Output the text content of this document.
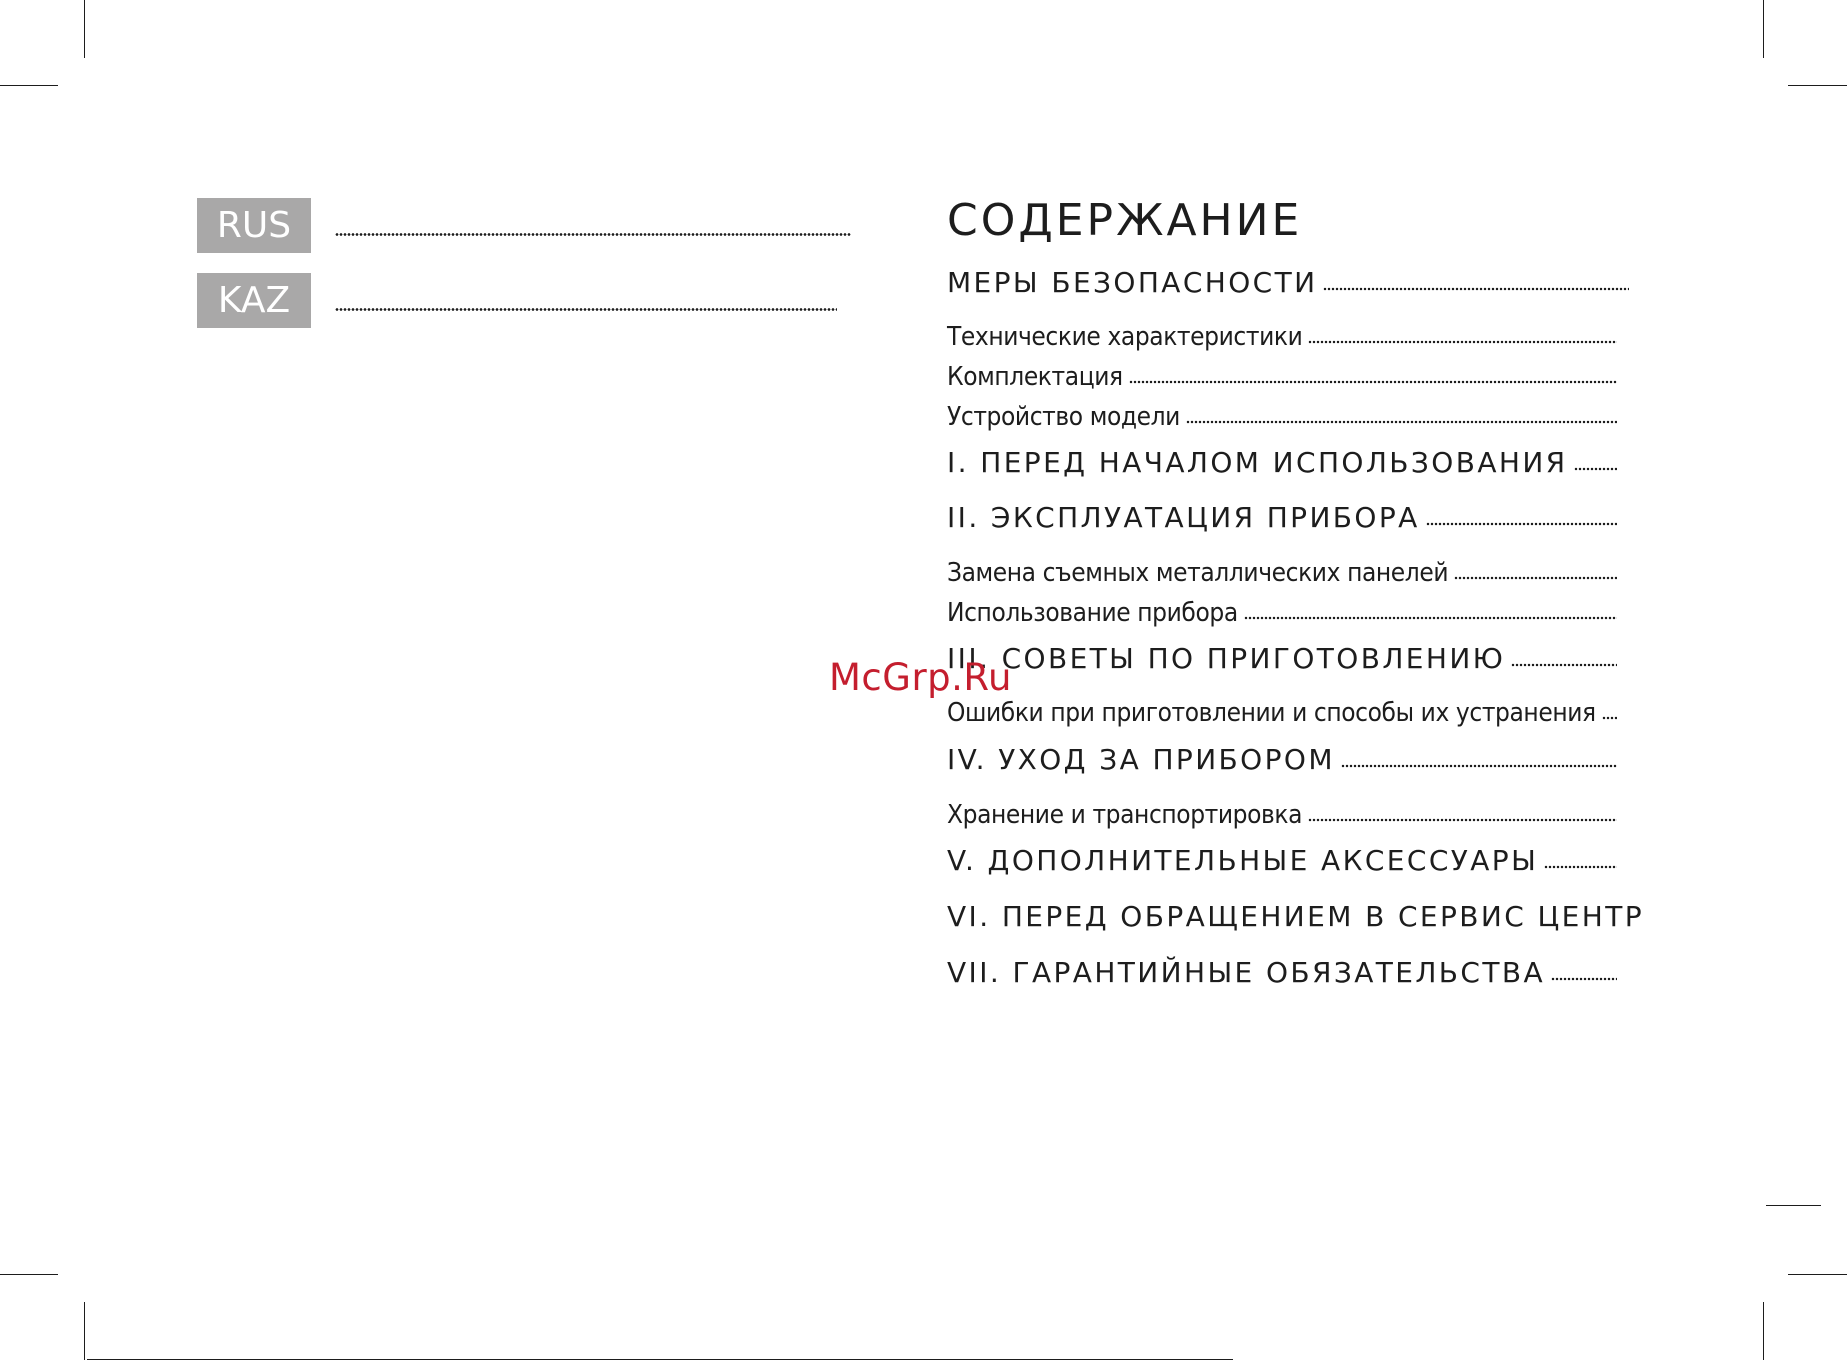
RUS
KAZ
СОДЕРЖАНИЕ
МЕРЫ БЕЗОПАСНОСТИ
Технические характеристики
Комплектация
Устройство модели
I. ПЕРЕД НАЧАЛОМ ИСПОЛЬЗОВАНИЯ
II. ЭКСПЛУАТАЦИЯ ПРИБОРА
Замена съемных металлических панелей
Использование прибора
III. СОВЕТЫ ПО ПРИГОТОВЛЕНИЮ
Ошибки при приготовлении и способы их устранения
IV. УХОД ЗА ПРИБОРОМ
Хранение и транспортировка
V. ДОПОЛНИТЕЛЬНЫЕ АКСЕССУАРЫ
VI. ПЕРЕД ОБРАЩЕНИЕМ В СЕРВИС ЦЕНТР
VII. ГАРАНТИЙНЫЕ ОБЯЗАТЕЛЬСТВА
McGrp.Ru
